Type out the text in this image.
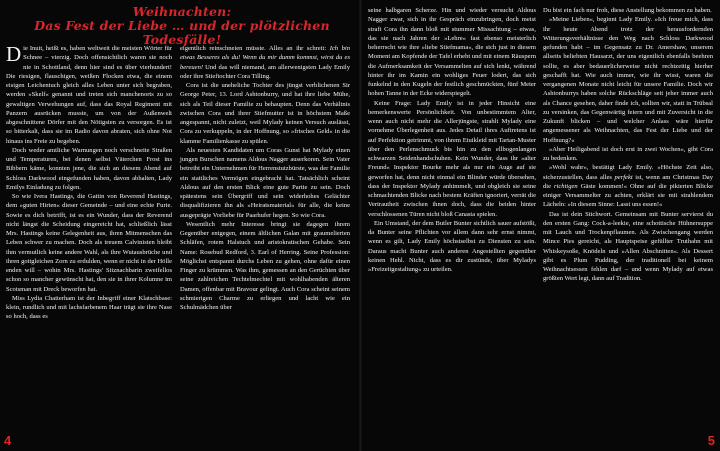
Weihnachten:
Das Fest der Liebe … und der plötzlichen Todesfälle!

Die Inuit, heißt es, haben weltweit die meisten Wörter für Schnee – vierzig. Doch offensichtlich waren sie noch nie in Schottland, denn hier sind es über vierhundert! Die riesigen, flauschigen, weißen Flocken etwa, die einem eisigen Leichentuch gleich alles Leben unter sich begraben, werden »Skelf« genannt und treten sich manchenorts zu so gewaltigen Verwehungen auf, dass das Royal Regiment mit Panzern ausrücken musste, um von der Außenwelt abgeschnittene Dörfer mit den Nötigsten zu versorgen. Es ist so bitterkalt, dass sie im Radio davon abraten, sich ohne Not hinaus ins Freie zu begeben.

Doch weder amtliche Warnungen noch verschneite Straßen und Temperaturen, bei denen selbst Väterchen Frost ins Bibbern käme, konnten jene, die sich an diesem Abend auf Schloss Darkwood eingefunden haben, davon abhalten, Lady Emilys Einladung zu folgen.

So wie Ivera Hastings, die Gattin von Reverend Hastings, dem »guten Hirten« dieser Gemeinde – und eine echte Furie. Sowie es dich betrifft, ist es ein Wunder, dass der Reverend nicht längst die Scheidung eingereicht hat, schließlich lässt Mrs. Hastings keine Gelegenheit aus, ihren Mitmenschen das Leben schwer zu machen. Doch als treuem Calvinisten bleibt ihm vermutlich keine andere Wahl, als ihre Wutausbrüche und ihren gottgleichen Zorn zu erdulden, wenn er nicht in der Hölle enden will – wohin Mrs. Hastings' Sitznachbarin zweifellos schon so mancher gewünscht hat, den sie in ihrer Kolumne im Scotsman mit Dreck beworfen hat.

Miss Lydia Chatterham ist der Inbegriff einer Klatschbase: klein, rundlich und mit lachsfarbenem Haar trägt sie ihre Nase so hoch, dass es

eigentlich reinschneien müsste. Alles an ihr schreit: Ich bin etwas Besseres als du! Wenn du mir dumm kommst, wirst du es bereuen! Und das will niemand, am allerwenigsten Lady Emily oder ihre Stieftochter Cora Tilling.

Cora ist die uneheliche Tochter des jüngst verblichenen Sir George Peter, 13. Lord Ashtonburry, und hat ihre liebe Mühe, sich als Teil dieser Familie zu behaupten. Denn das Verhältnis zwischen Cora und ihrer Stiefmutter ist in höchstem Maße angespannt, nicht zuletzt, weil Mylady keinen Versuch auslässt, Cora zu verkuppeln, in der Hoffnung, so »frisches Geld« in die klamme Familienkasse zu spülen.

Als neuesten Kandidaten um Coras Gunst hat Mylady einen jungen Burschen namens Aldous Nagger auserkoren. Sein Vater betreibt ein Unternehmen für Herrenstutzbürste, was der Familie ein stattliches Vermögen eingebracht hat. Tatsächlich scheint Aldous auf den ersten Blick eine gute Partie zu sein. Doch spätestens sein Übergriff und sein widerhohes Gelächter disqualifizieren ihn als »Heiratsmaterial« für alle, die keine ausgeprägte Vorliebe für Paarhufer hegen. So wie Cora.

Wesentlich mehr Interesse bringt sie dagegen ihrem Gegenüber entgegen, einem ältlichen Galan mit graumelierten Schläfen, rotem Halstuch und aristokratischen Gehabe. Sein Name: Rosebud Redford, 3. Earl of Herring. Seine Profession: Möglichst entspannt durchs Leben zu gehen, ohne dafür einen Finger zu krümmen. Was ihm, gemessen an den Gerüchten über seine zahlreichen Techtelmechtel mit wohlhabenden älteren Damen, offenbar mit Bravour gelingt. Auch Cora scheint seinem schmierigen Charme zu erliegen und lacht wie ein Schulmädchen über

seine halbgaren Scherze. Hin und wieder versucht Aldous Nagger zwar, sich in ihr Gespräch einzubringen, doch meist straft Cora ihn dann bloß mit stummer Missachtung – etwas, das sie nach Jahren der »Lehre« fast ebenso meisterlich beherrscht wie ihre »liebe Stiefmama«, die sich just in diesem Moment am Kopfende der Tafel erhebt und mit einem Räuspern die Aufmerksamkeit der Versammelten auf sich lenkt, während hinter ihr im Kamin ein wohliges Feuer lodert, das sich funkelnd in den Kugeln der festlich geschmückten, fünf Meter hohen Tanne in der Ecke widerspiegelt.

Keine Frage: Lady Emily ist in jeder Hinsicht eine bemerkenswerte Persönlichkeit. Von unbestimmtem Alter, wenn auch nicht mehr die Allerjüngste, strahlt Mylady eine vornehme Überlegenheit aus. Jedes Detail ihres Auftretens ist auf Perfektion getrimmt, von ihrem Etuikleid mit Tartan-Muster über den Perlenschmuck bis hin zu den ellbogenlangen schwarzen Seidenhandschuhen. Kein Wunder, dass ihr »alter Freund« Inspektor Bourke mehr als nur ein Auge auf sie geworfen hat, denn nicht einmal ein Blinder würde übersehen, dass der Inspektor Mylady anhimmelt, und obgleich sie seine schmachtenden Blicke nach bestem Kräften ignoriert, verrät die Vertrautheit zwischen ihnen doch, dass die beiden hinter verschlossenen Türen nicht bloß Canasta spielen.

Ein Umstand, der dem Butler Bunter sichtlich sauer aufstößt, da Bunter seine Pflichten vor allem dann sehr ernst nimmt, wenn es gilt, Lady Emily höchstselbst zu Diensten zu sein. Daraus macht Bunter auch anderen Angestellten gegenüber keinen Hehl. Nicht, dass es dir zustünde, über Myladys »Freizeitgestaltung« zu urteilen.

Du bist ein fach nur froh, diese Anstellung bekommen zu haben.

»Meine Lieben«, beginnt Lady Emily. »Ich freue mich, dass ihr heute Abend trotz der herausfordernden Witterungsverhältnisse den Weg nach Schloss Darkwood gefunden habt – im Gegensatz zu Dr. Amershaw, unserem allseits beliebten Hausarzt, der uns eigentlich ebenfalls beehren sollte, es aber bedauerlicherweise nicht rechtzeitig hierher geschafft hat. Wie auch immer, wie ihr wisst, waren die vergangenen Monate nicht leicht für unsere Familie. Doch wir Ashtonburrys haben solche Rückschläge seit jeher immer auch als Chance gesehen, daher finde ich, sollten wir, statt in Trübsal zu versinken, das Gegenwärtig feiern und mit Zuversicht in die Zukunft blicken – und welcher Anlass wäre hierfür angemessener als Weihnachten, das Fest der Liebe und der Hoffnung?«

»Aber Heiligabend ist doch erst in zwei Wochen«, gibt Cora zu bedenken.

»Wohl wahr«, bestätigt Lady Emily. »Höchste Zeit also, sicherzustellen, dass alles perfekt ist, wenn am Christmas Day die richtigen Gäste kommen!« Ohne auf die pikierten Blicke einiger Versammelter zu achten, erklärt sie mit strahlendem Lächeln: »In diesem Sinne: Lasst uns essen!«

Das ist dein Stichwort. Gemeinsam mit Bunter servierst du den ersten Gang: Cock-a-leekie, eine schottische Hühnersuppe mit Lauch und Trockenpflaumen. Als Zwischengang werden Mince Pies gereicht, als Hauptspeise gefüllter Truthahn mit Whiskeysoße, Knödeln und »Allen Abschnitten«. Als Dessert gibt es Plum Pudding, der traditionell bei keinem Weihnachtsessen fehlen darf – und wenn Mylady auf etwas größten Wert legt, dann auf Tradition.

4	5
